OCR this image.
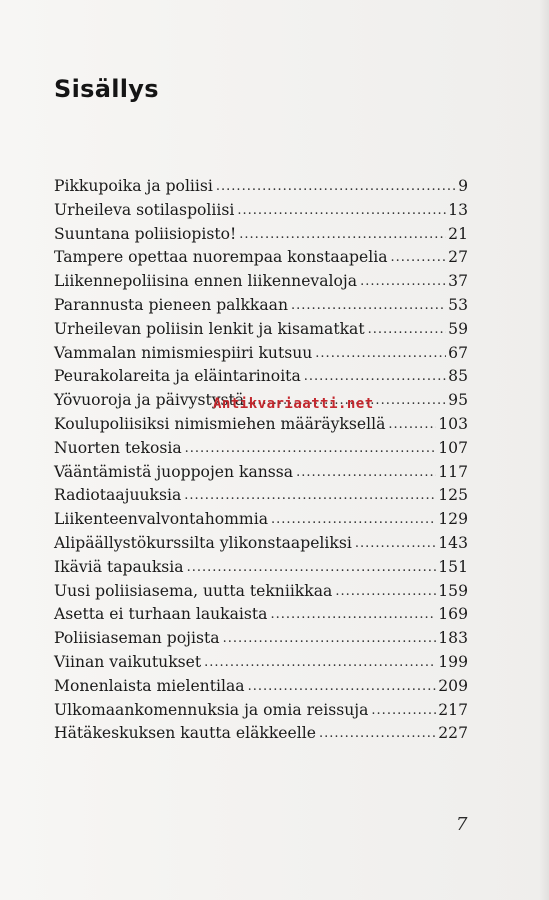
Sisällys
Pikkupoika ja poliisi .....	9
Urheileva sotilaspoliisi .....	13
Suuntana poliisiopisto! .....	21
Tampere opettaa nuorempaa konstaapelia .....	27
Liikennepoliisina ennen liikennevaloja .....	37
Parannusta pieneen palkkaan .....	53
Urheilevan poliisin lenkit ja kisamatkat .....	59
Vammalan nimismiespiiri kutsuu .....	67
Peurakolareita ja eläintarinoita .....	85
Yövuoroja ja päivystystä .....	95
Koulupoliisiksi nimismiehen määräyksellä .....	103
Nuorten tekosia .....	107
Vääntämistä juoppojen kanssa .....	117
Radiotaajuuksia .....	125
Liikenteenvalvontahommia .....	129
Alipäällystökurssilta ylikonstaapeliksi .....	143
Ikäviä tapauksia .....	151
Uusi poliisiasema, uutta tekniikkaa .....	159
Asetta ei turhaan laukaista .....	169
Poliisiaseman pojista .....	183
Viinan vaikutukset .....	199
Monenlaista mielentilaa .....	209
Ulkomaankomennuksia ja omia reissuja .....	217
Hätäkeskuksen kautta eläkkeelle .....	227
Antikvariaatti.net
7
